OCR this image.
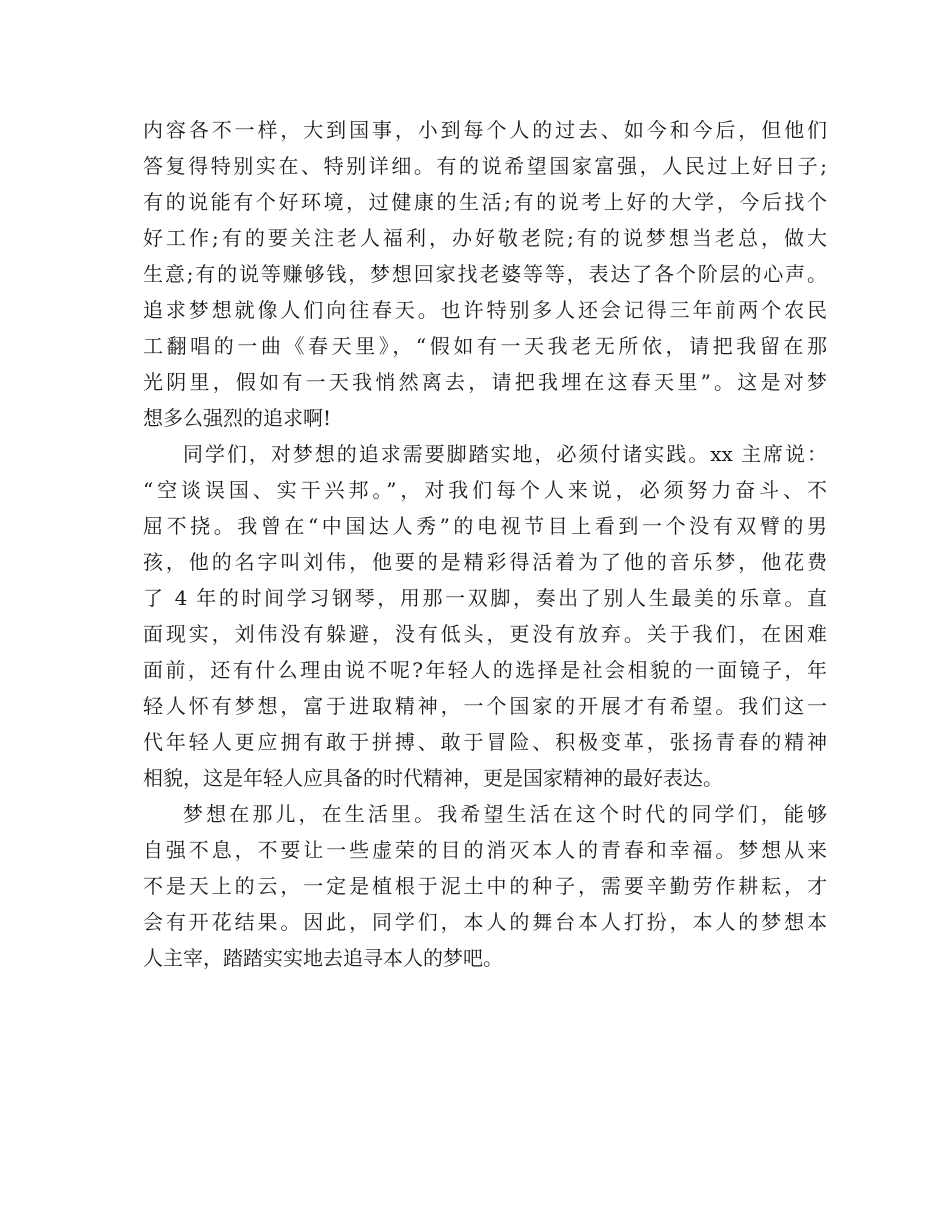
内容各不一样，大到国事，小到每个人的过去、如今和今后，但他们
答复得特别实在、特别详细。有的说希望国家富强，人民过上好日子;
有的说能有个好环境，过健康的生活;有的说考上好的大学，今后找个
好工作;有的要关注老人福利，办好敬老院;有的说梦想当老总，做大
生意;有的说等赚够钱，梦想回家找老婆等等，表达了各个阶层的心声。
追求梦想就像人们向往春天。也许特别多人还会记得三年前两个农民
工翻唱的一曲《春天里》，“假如有一天我老无所依，请把我留在那
光阴里，假如有一天我悄然离去，请把我埋在这春天里”。这是对梦
想多么强烈的追求啊!
同学们，对梦想的追求需要脚踏实地，必须付诸实践。xx 主席说：
“空谈误国、实干兴邦。”，对我们每个人来说，必须努力奋斗、不
屈不挠。我曾在“中国达人秀”的电视节目上看到一个没有双臂的男
孩，他的名字叫刘伟，他要的是精彩得活着为了他的音乐梦，他花费
了 4 年的时间学习钢琴，用那一双脚，奏出了别人生最美的乐章。直
面现实，刘伟没有躲避，没有低头，更没有放弃。关于我们，在困难
面前，还有什么理由说不呢?年轻人的选择是社会相貌的一面镜子，年
轻人怀有梦想，富于进取精神，一个国家的开展才有希望。我们这一
代年轻人更应拥有敢于拼搏、敢于冒险、积极变革，张扬青春的精神
相貌，这是年轻人应具备的时代精神，更是国家精神的最好表达。
梦想在那儿，在生活里。我希望生活在这个时代的同学们，能够
自强不息，不要让一些虚荣的目的消灭本人的青春和幸福。梦想从来
不是天上的云，一定是植根于泥土中的种子，需要辛勤劳作耕耘，才
会有开花结果。因此，同学们，本人的舞台本人打扮，本人的梦想本
人主宰，踏踏实实地去追寻本人的梦吧。
